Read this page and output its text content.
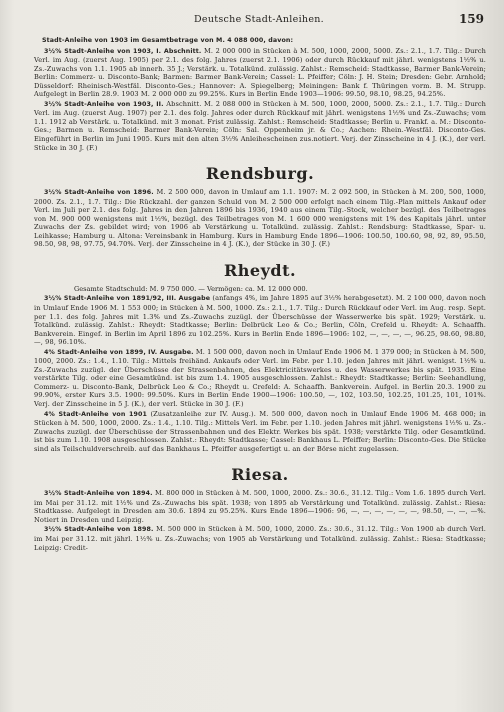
Deutsche Stadt-Anleihen.	159

Stadt-Anleihe von 1903 im Gesamtbetrage von M. 4 088 000, davon:

3½% Stadt-Anleihe von 1903, I. Abschnitt. M. 2 000 000 in Stücken à M. 500, 1000, 2000, 5000. Zs.: 2.1., 1.7. Tilg.: Durch Verl. im Aug. (zuerst Aug. 1905) per 2.1. des folg. Jahres (zuerst 2.1. 1906) oder durch Rückkauf mit jährl. wenigstens 1½% u. Zs.-Zuwachs von 1.1. 1905 ab innerh. 35 J.; Verstärk. u. Totalkünd. zulässig. Zahlst.: Remscheid: Stadtkasse, Barmer Bank-Verein; Berlin: Commerz- u. Disconto-Bank; Barmen: Barmer Bank-Verein; Cassel: L. Pfeiffer; Cöln: J. H. Stein; Dresden: Gebr. Arnhold; Düsseldorf: Rheinisch-Westfäl. Disconto-Ges.; Hannover: A. Spiegelberg; Meiningen: Bank f. Thüringen vorm. B. M. Strupp. Aufgelegt in Berlin 28.9. 1903 M. 2 000 000 zu 99.25%. Kurs in Berlin Ende 1903—1906: 99.50, 98.10, 98.25, 94.25%.

3½% Stadt-Anleihe von 1903, II. Abschnitt. M. 2 088 000 in Stücken à M. 500, 1000, 2000, 5000. Zs.: 2.1., 1.7. Tilg.: Durch Verl. im Aug. (zuerst Aug. 1907) per 2.1. des folg. Jahres oder durch Rückkauf mit jährl. wenigstens 1½% und Zs.-Zuwachs; vom 1.1. 1912 ab Verstärk. u. Totalkünd. mit 3 monat. Frist zulässig. Zahlst.: Remscheid: Stadtkasse; Berlin u. Frankf. a. M.: Disconto-Ges.; Barmen u. Remscheid: Barmer Bank-Verein; Cöln: Sal. Oppenheim jr. & Co.; Aachen: Rhein.-Westfäl. Disconto-Ges. Eingeführt in Berlin im Juni 1905. Kurs mit den alten 3½% Anleihescheinen zus.notiert. Verj. der Zinsscheine in 4 J. (K.), der verl. Stücke in 30 J. (F.)

Rendsburg.

3½% Stadt-Anleihe von 1896. M. 2 500 000, davon in Umlauf am 1.1. 1907: M. 2 092 500, in Stücken à M. 200, 500, 1000, 2000. Zs. 2.1., 1.7. Tilg.: Die Rückzahl. der ganzen Schuld von M. 2 500 000 erfolgt nach einem Tilg.-Plan mittels Ankauf oder Verl. im Juli per 2.1. des folg. Jahres in den Jahren 1896 bis 1936, 1940 aus einem Tilg.-Stock, welcher bezügl. des Teilbetrages von M. 900 000 wenigstens mit 1½%, bezügl. des Teilbetrages von M. 1 600 000 wenigstens mit 1% des Kapitals jährl. unter Zuwachs der Zs. gebildet wird; von 1906 ab Verstärkung u. Totalkünd. zulässig. Zahlst.: Rendsburg: Stadtkasse, Spar- u. Leihkasse; Hamburg u. Altona: Vereinsbank in Hamburg. Kurs in Hamburg Ende 1896—1906: 100.50, 100.60, 98, 92, 89, 95.50, 98.50, 98, 98, 97.75, 94.70%. Verj. der Zinsscheine in 4 J. (K.), der Stücke in 30 J. (F.)

Rheydt.

Gesamte Stadtschuld: M. 9 750 000. — Vermögen: ca. M. 12 000 000.

3½% Stadt-Anleihe von 1891/92, III. Ausgabe (anfangs 4%, im Jahre 1895 auf 3½% herabgesetzt). M. 2 100 000, davon noch in Umlauf Ende 1906 M. 1 553 000; in Stücken à M. 500, 1000. Zs.: 2.1., 1.7. Tilg.: Durch Rückkauf oder Verl. im Aug. resp. Sept. per 1.1. des folg. Jahres mit 1.3% und Zs.-Zuwachs zuzügl. der Überschüsse der Wasserwerke bis spät. 1929; Verstärk. u. Totalkünd. zulässig. Zahlst.: Rheydt: Stadtkasse; Berlin: Delbrück Leo & Co.; Berlin, Cöln, Crefeld u. Rheydt: A. Schaaffh. Bankverein. Eingef. in Berlin im April 1896 zu 102.25%. Kurs in Berlin Ende 1896—1906: 102, —, —, —, —, 96.25, 98.60, 98.80, —, 98, 96.10%.

4% Stadt-Anleihe von 1899, IV. Ausgabe. M. 1 500 000, davon noch in Umlauf Ende 1906 M. 1 379 000; in Stücken à M. 500, 1000, 2000. Zs.: 1.4., 1.10. Tilg.: Mittels freihänd. Ankaufs oder Verl. im Febr. per 1.10. jeden Jahres mit jährl. wenigst. 1½% u. Zs.-Zuwachs zuzügl. der Überschüsse der Strassenbahnen, des Elektricitätswerkes u. des Wasserwerkes bis spät. 1935. Eine verstärkte Tilg. oder eine Gesamtkünd. ist bis zum 1.4. 1905 ausgeschlossen. Zahlst.: Rheydt: Stadtkasse; Berlin: Seehandlung, Commerz- u. Disconto-Bank, Delbrück Leo & Co.; Rheydt u. Crefeld: A. Schaaffh. Bankverein. Aufgel. in Berlin 20.3. 1900 zu 99.90%, erster Kurs 3.5. 1900: 99.50%. Kurs in Berlin Ende 1900—1906: 100.50, —, 102, 103.50, 102.25, 101.25, 101, 101%. Verj. der Zinsscheine in 5 J. (K.), der verl. Stücke in 30 J. (F.)

4% Stadt-Anleihe von 1901 (Zusatzanleihe zur IV. Ausg.). M. 500 000, davon noch in Umlauf Ende 1906 M. 468 000; in Stücken à M. 500, 1000, 2000. Zs.: 1.4., 1.10. Tilg.: Mittels Verl. im Febr. per 1.10. jeden Jahres mit jährl. wenigstens 1½% u. Zs.-Zuwachs zuzügl. der Überschüsse der Strassenbahnen und des Elektr. Werkes bis spät. 1938; verstärkte Tilg. oder Gesamtkünd. ist bis zum 1.10. 1908 ausgeschlossen. Zahlst.: Rheydt: Stadtkasse; Cassel: Bankhaus L. Pfeiffer; Berlin: Disconto-Ges. Die Stücke sind als Teilschuldverschreib. auf das Bankhaus L. Pfeiffer ausgefertigt u. an der Börse nicht zugelassen.

Riesa.

3½% Stadt-Anleihe von 1894. M. 800 000 in Stücken à M. 500, 1000, 2000. Zs.: 30.6., 31.12. Tilg.: Vom 1.6. 1895 durch Verl. im Mai per 31.12. mit 1½% und Zs.-Zuwachs bis spät. 1938; von 1895 ab Verstärkung und Totalkünd. zulässig. Zahlst.: Riesa: Stadtkasse. Aufgelegt in Dresden am 30.6. 1894 zu 95.25%. Kurs Ende 1896—1906: 96, —, —, —, —, —, —, 98.50, —, —, —%. Notiert in Dresden und Leipzig.

3½% Stadt-Anleihe von 1898. M. 500 000 in Stücken à M. 500, 1000, 2000. Zs.: 30.6., 31.12. Tilg.: Von 1900 ab durch Verl. im Mai per 31.12. mit jährl. 1½% u. Zs.-Zuwachs; von 1905 ab Verstärkung und Totalkünd. zulässig. Zahlst.: Riesa: Stadtkasse; Leipzig: Credit-
